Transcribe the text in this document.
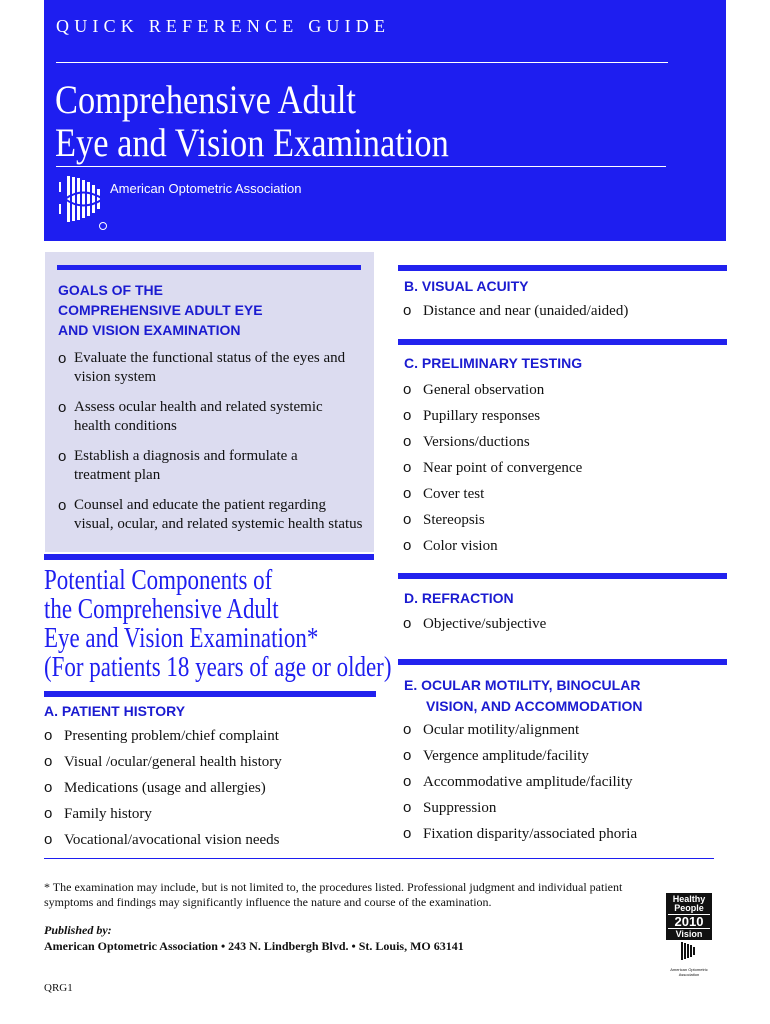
QUICK REFERENCE GUIDE
Comprehensive Adult
Eye and Vision Examination
American Optometric Association
GOALS OF THE
COMPREHENSIVE ADULT EYE
AND VISION EXAMINATION
o Evaluate the functional status of the eyes and
vision system
o Assess ocular health and related systemic
health conditions
o Establish a diagnosis and formulate a
treatment plan
o Counsel and educate the patient regarding
visual, ocular, and related systemic health status
Potential Components of
the Comprehensive Adult
Eye and Vision Examination*
(For patients 18 years of age or older)
A. PATIENT HISTORY
o Presenting problem/chief complaint
o Visual /ocular/general health history
o Medications (usage and allergies)
o Family history
o Vocational/avocational vision needs
B. VISUAL ACUITY
o Distance and near (unaided/aided)
C. PRELIMINARY TESTING
o General observation
o Pupillary responses
o Versions/ductions
o Near point of convergence
o Cover test
o Stereopsis
o Color vision
D. REFRACTION
o Objective/subjective
E. OCULAR MOTILITY, BINOCULAR
VISION, AND ACCOMMODATION
o Ocular motility/alignment
o Vergence amplitude/facility
o Accommodative amplitude/facility
o Suppression
o Fixation disparity/associated phoria
* The examination may include, but is not limited to, the procedures listed. Professional judgment and individual patient symptoms and findings may significantly influence the nature and course of the examination.
Published by:
American Optometric Association • 243 N. Lindbergh Blvd. • St. Louis, MO 63141
QRG1
Healthy
People
2010
Vision
American Optometric Association
